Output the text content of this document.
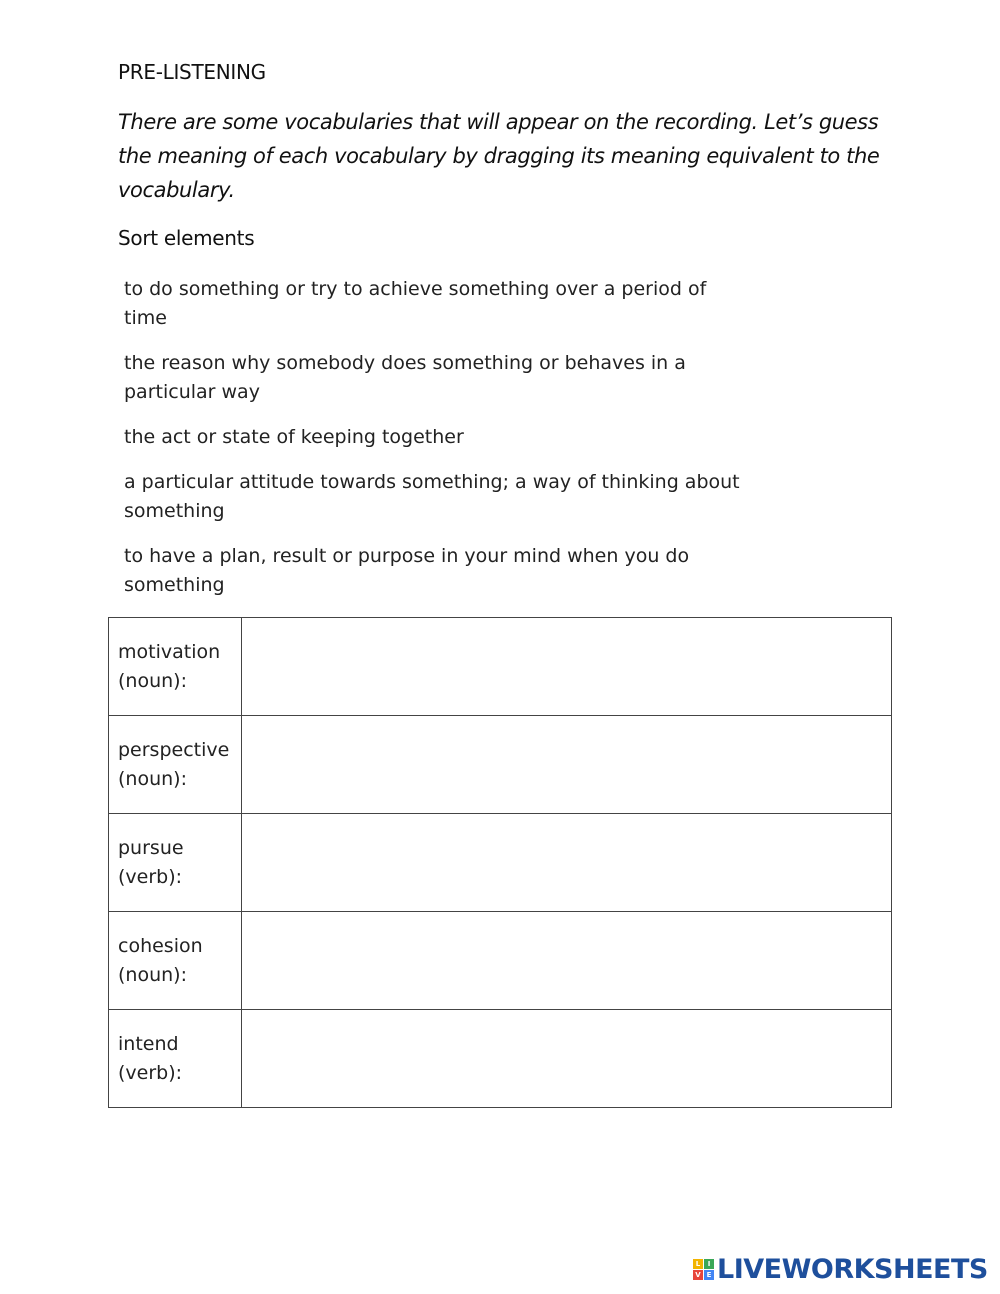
PRE-LISTENING
There are some vocabularies that will appear on the recording. Let’s guess the meaning of each vocabulary by dragging its meaning equivalent to the vocabulary.
Sort elements
to do something or try to achieve something over a period of time
the reason why somebody does something or behaves in a particular way
the act or state of keeping together
a particular attitude towards something; a way of thinking about something
to have a plan, result or purpose in your mind when you do something
motivation (noun):	
perspective (noun):	
pursue (verb):	
cohesion (noun):	
intend (verb):	
L	I
V E LIVEWORKSHEETS
